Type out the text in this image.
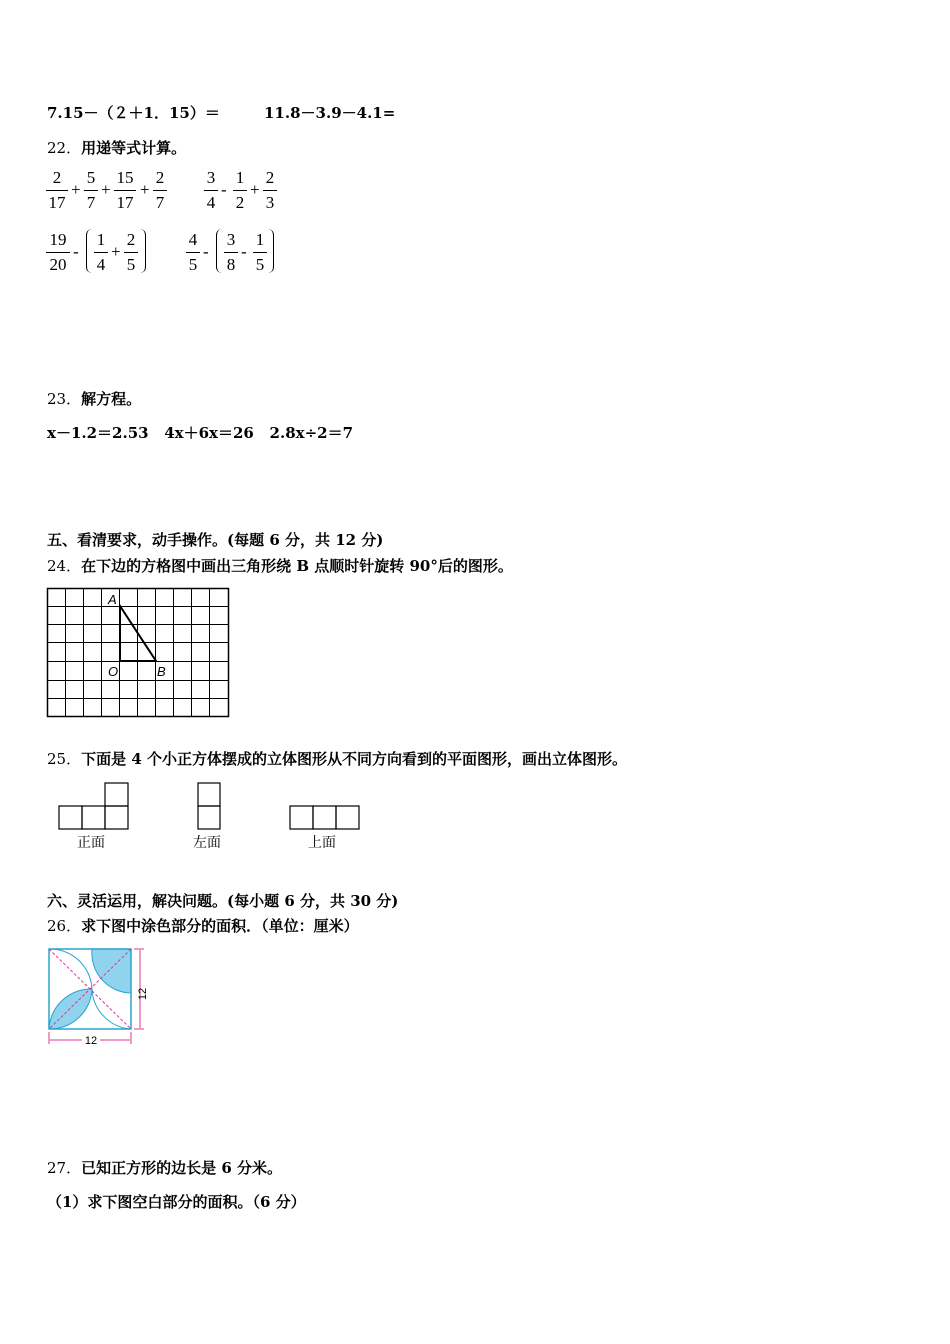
7.15－（２＋1．15）＝	11.8－3.9－4.1=
22．用递等式计算。
2
17
+
5
7
+
15
17
+
2
7
3
4
-
1
2
+
2
3
19
20
-
1
4
+
2
5
4
5
-
3
8
-
1
5
23．解方程。
x－1.2＝2.53   4x＋6x＝26   2.8x÷2＝7
五、看清要求，动手操作。(每题 6 分，共 12 分)
24．在下边的方格图中画出三角形绕 B 点顺时针旋转 90°后的图形。
A
O	B
25．下面是 4 个小正方体摆成的立体图形从不同方向看到的平面图形，画出立体图形。
正面	左面	上面
六、灵活运用，解决问题。(每小题 6 分，共 30 分)
26．求下图中涂色部分的面积．（单位：厘米）
12
12
27．已知正方形的边长是 6 分米。
（1）求下图空白部分的面积。（6 分）
